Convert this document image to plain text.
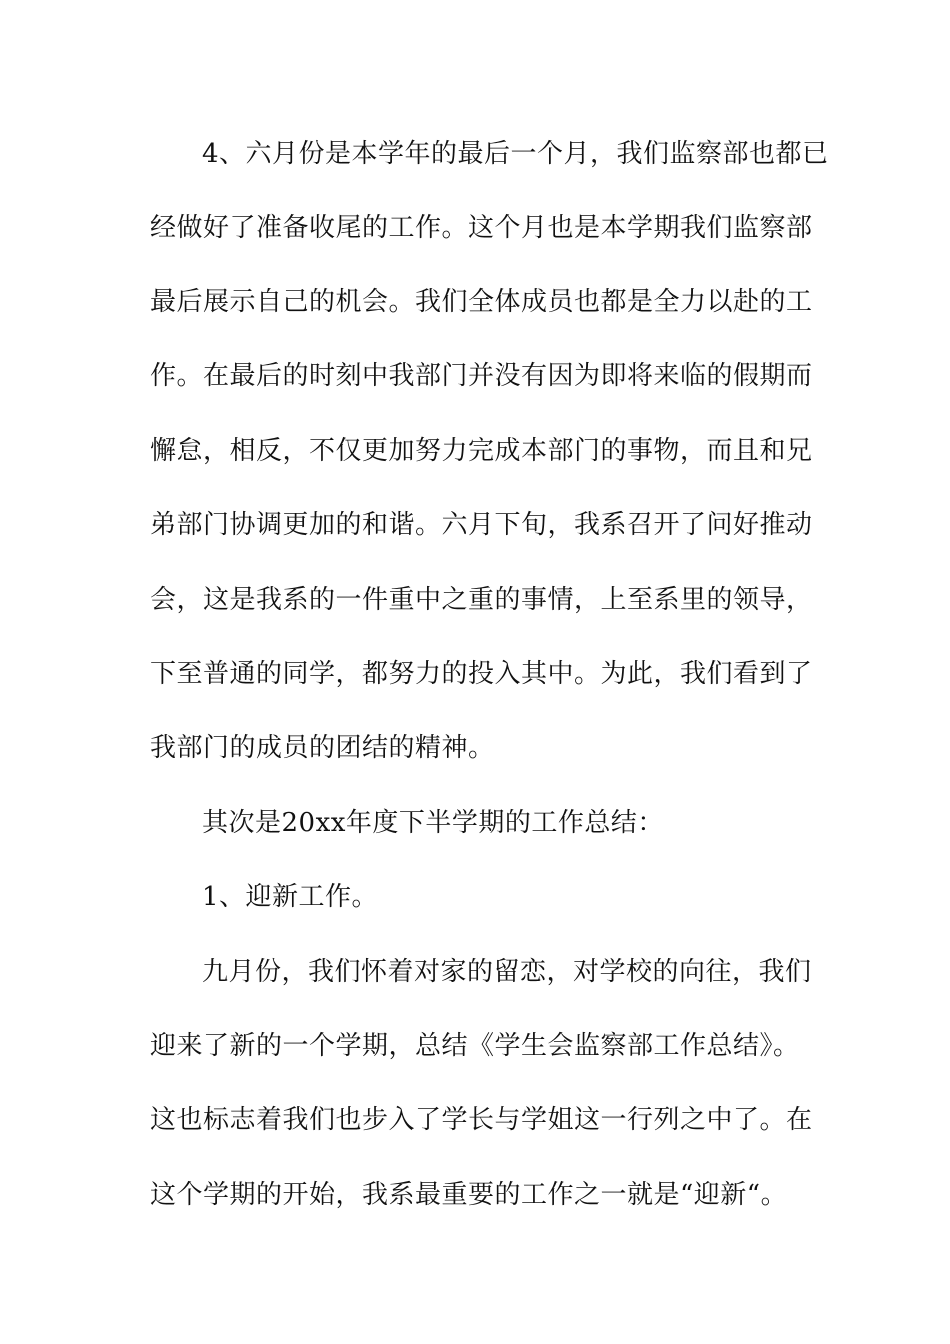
4、六月份是本学年的最后一个月，我们监察部也都已
经做好了准备收尾的工作。这个月也是本学期我们监察部
最后展示自己的机会。我们全体成员也都是全力以赴的工
作。在最后的时刻中我部门并没有因为即将来临的假期而
懈怠，相反，不仅更加努力完成本部门的事物，而且和兄
弟部门协调更加的和谐。六月下旬，我系召开了问好推动
会，这是我系的一件重中之重的事情，上至系里的领导，
下至普通的同学，都努力的投入其中。为此，我们看到了
我部门的成员的团结的精神。
其次是20xx年度下半学期的工作总结：
1、迎新工作。
九月份，我们怀着对家的留恋，对学校的向往，我们
迎来了新的一个学期，总结《学生会监察部工作总结》。
这也标志着我们也步入了学长与学姐这一行列之中了。在
这个学期的开始，我系最重要的工作之一就是“迎新“。
